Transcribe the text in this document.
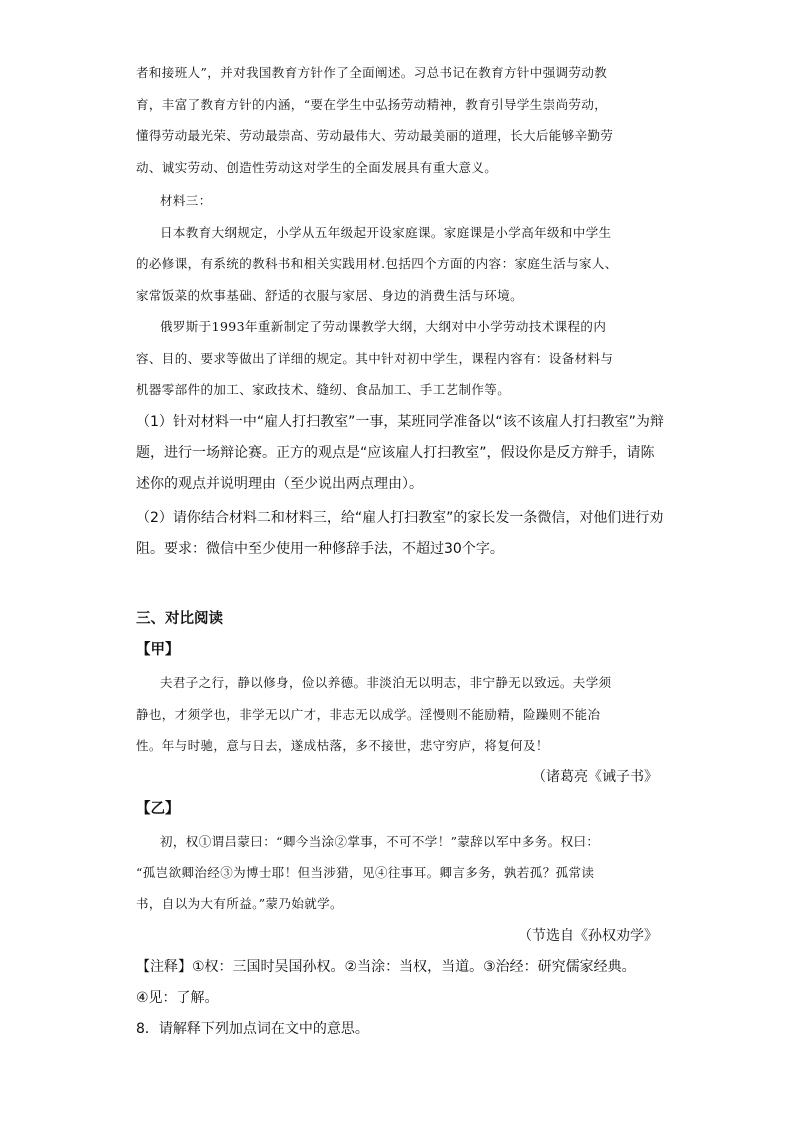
者和接班人”，并对我国教育方针作了全面阐述。习总书记在教育方针中强调劳动教
育，丰富了教育方针的内涵，“要在学生中弘扬劳动精神，教育引导学生崇尚劳动，
懂得劳动最光荣、劳动最崇高、劳动最伟大、劳动最美丽的道理，长大后能够辛勤劳
动、诚实劳动、创造性劳动这对学生的全面发展具有重大意义。
材料三：
日本教育大纲规定，小学从五年级起开设家庭课。家庭课是小学高年级和中学生
的必修课，有系统的教科书和相关实践用材.包括四个方面的内容：家庭生活与家人、
家常饭菜的炊事基础、舒适的衣服与家居、身边的消费生活与环境。
俄罗斯于1993年重新制定了劳动课教学大纲，大纲对中小学劳动技术课程的内
容、目的、要求等做出了详细的规定。其中针对初中学生，课程内容有：设备材料与
机器零部件的加工、家政技术、缝纫、食品加工、手工艺制作等。
（1）针对材料一中“雇人打扫教室”一事，某班同学准备以“该不该雇人打扫教室”为辩
题，进行一场辩论赛。正方的观点是“应该雇人打扫教室”，假设你是反方辩手，请陈
述你的观点并说明理由（至少说出两点理由）。
（2）请你结合材料二和材料三，给“雇人打扫教室”的家长发一条微信，对他们进行劝
阻。要求：微信中至少使用一种修辞手法，不超过30个字。
三、对比阅读
【甲】
夫君子之行，静以修身，俭以养德。非淡泊无以明志，非宁静无以致远。夫学须
静也，才须学也，非学无以广才，非志无以成学。淫慢则不能励精，险躁则不能冶
性。年与时驰，意与日去，遂成枯落，多不接世，悲守穷庐，将复何及！
（诸葛亮《诫子书》
【乙】
初，权①谓吕蒙曰：“卿今当涂②掌事，不可不学！”蒙辞以军中多务。权曰：
“孤岂欲卿治经③为博士耶！但当涉猎，见④往事耳。卿言多务，孰若孤？孤常读
书，自以为大有所益。”蒙乃始就学。
（节选自《孙权劝学》
【注释】①权：三国时吴国孙权。②当涂：当权，当道。③治经：研究儒家经典。
④见：了解。
8．请解释下列加点词在文中的意思。
